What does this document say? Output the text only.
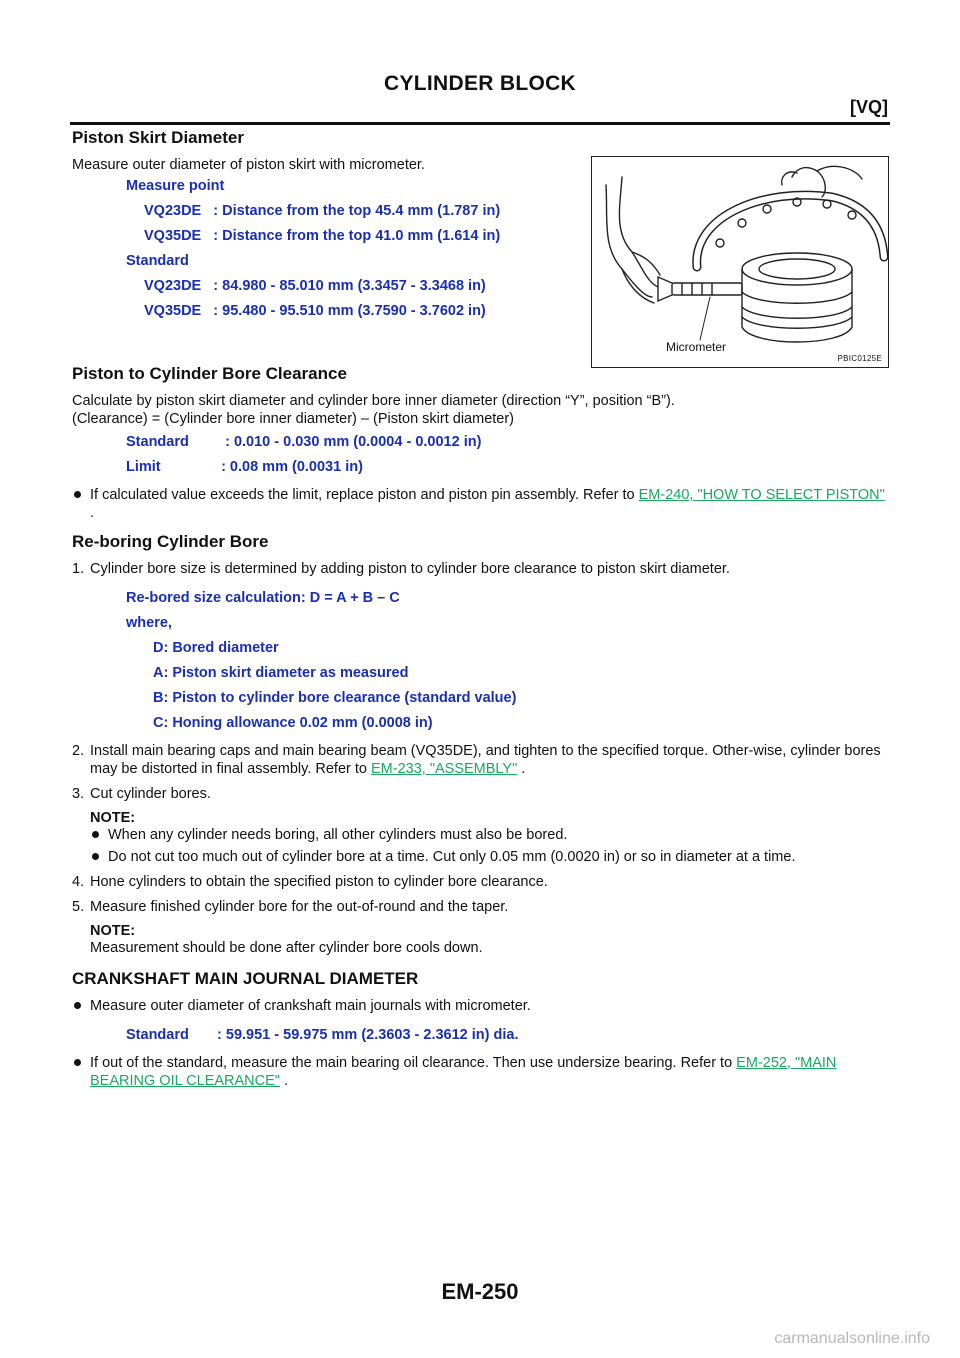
CYLINDER BLOCK
[VQ]
Piston Skirt Diameter

Measure outer diameter of piston skirt with micrometer.

Measure point
VQ23DE   : Distance from the top 45.4 mm (1.787 in)
VQ35DE   : Distance from the top 41.0 mm (1.614 in)
Standard
VQ23DE   : 84.980 - 85.010 mm (3.3457 - 3.3468 in)
VQ35DE   : 95.480 - 95.510 mm (3.7590 - 3.7602 in)
Piston to Cylinder Bore Clearance

Calculate by piston skirt diameter and cylinder bore inner diameter (direction “Y”, position “B”).

(Clearance) = (Cylinder bore inner diameter) – (Piston skirt diameter)

Standard         : 0.010 - 0.030 mm (0.0004 - 0.0012 in)
Limit               : 0.08 mm (0.0031 in)
If calculated value exceeds the limit, replace piston and piston pin assembly. Refer to EM-240, "HOW TO SELECT PISTON" .
Re-boring Cylinder Bore
1. Cylinder bore size is determined by adding piston to cylinder bore clearance to piston skirt diameter.
Re-bored size calculation: D = A + B – C
where,
D: Bored diameter
A: Piston skirt diameter as measured
B: Piston to cylinder bore clearance (standard value)
C: Honing allowance 0.02 mm (0.0008 in)
2. Install main bearing caps and main bearing beam (VQ35DE), and tighten to the specified torque. Other-wise, cylinder bores may be distorted in final assembly. Refer to EM-233, "ASSEMBLY" .
3. Cut cylinder bores.
NOTE:
When any cylinder needs boring, all other cylinders must also be bored.
Do not cut too much out of cylinder bore at a time. Cut only 0.05 mm (0.0020 in) or so in diameter at a time.
4. Hone cylinders to obtain the specified piston to cylinder bore clearance.
5. Measure finished cylinder bore for the out-of-round and the taper.
NOTE:

Measurement should be done after cylinder bore cools down.

CRANKSHAFT MAIN JOURNAL DIAMETER
Measure outer diameter of crankshaft main journals with micrometer.
Standard       : 59.951 - 59.975 mm (2.3603 - 2.3612 in) dia.
If out of the standard, measure the main bearing oil clearance. Then use undersize bearing. Refer to EM-252, "MAIN BEARING OIL CLEARANCE" .
Micrometer
PBIC0125E
EM-250
carmanualsonline.info
